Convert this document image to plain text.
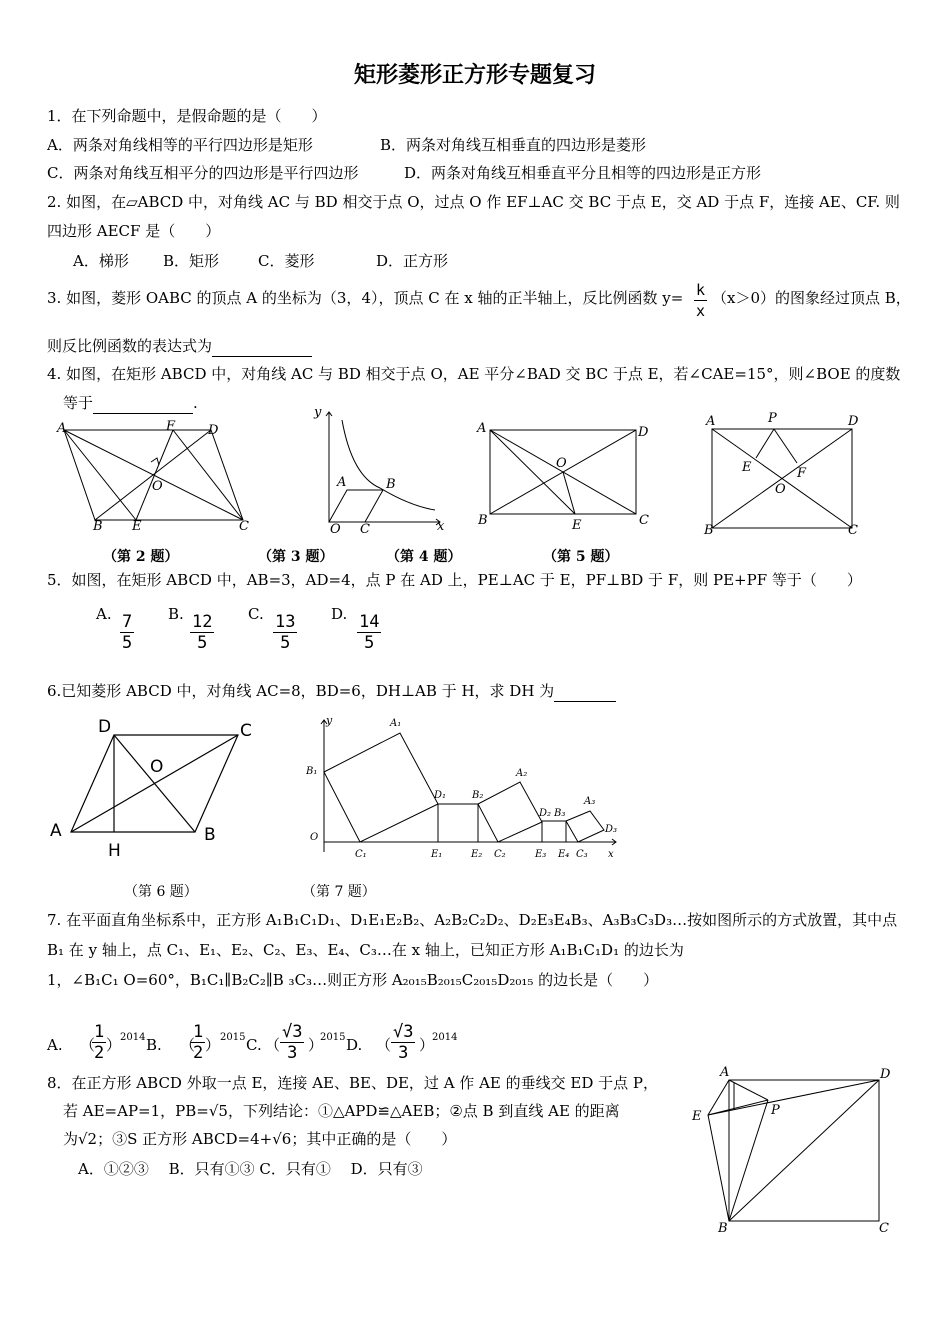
矩形菱形正方形专题复习
1．在下列命题中，是假命题的是（　　）
A．两条对角线相等的平行四边形是矩形	B．两条对角线互相垂直的四边形是菱形
C．两条对角线互相平分的四边形是平行四边形	D．两条对角线互相垂直平分且相等的四边形是正方形
2. 如图，在▱ABCD 中，对角线 AC 与 BD 相交于点 O，过点 O 作 EF⊥AC 交 BC 于点 E，交 AD 于点 F，连接 AE、CF. 则
四边形 AECF 是（　　）
A．梯形 B．矩形	C．菱形	D．正方形
3. 如图，菱形 OABC 的顶点 A 的坐标为（3，4），顶点 C 在 x 轴的正半轴上，反比例函数 $y= \frac{k}{x} (x>0)$的图象经过顶点 B，
则反比例函数的表达式为
4. 如图，在矩形 ABCD 中，对角线 AC 与 BD 相交于点 O，AE 平分∠BAD 交 BC 于点 E，若∠CAE=15°，则∠BOE 的度数
等于	.
A	F	D
O
B E	C
y
A	B
O C	x
A	D
O
B	E	C
A	P	D
E	F
O
B	C
（第 2 题）	（第 3 题）	（第 4 题）	（第 5 题）
5．如图，在矩形 ABCD 中，AB=3，AD=4，点 P 在 AD 上，PE⊥AC 于 E，PF⊥BD 于 F，则 PE+PF 等于（　　）
A. $\frac{7}{5} B$. $\frac{12}{5} C$. $\frac{13}{5} D$. $\frac{14}{5}$
6.已知菱形 ABCD 中，对角线 AC=8，BD=6，DH⊥AB 于 H，求 DH 为
D	C
O
A
H
B
y	A₁
B₁
O
C₁
D₁	B₂
A₂
E₁	E₂ C₂
D₂ B₃
A₃
D₃
E₃ E₄ C₃ x
（第 6 题）	（第 7 题）
7. 在平面直角坐标系中，正方形 A₁B₁C₁D₁、D₁E₁E₂B₂、A₂B₂C₂D₂、D₂E₃E₄B₃、A₃B₃C₃D₃…按如图所示的方式放置，其中点
B₁ 在 y 轴上，点 C₁、E₁、E₂、C₂、E₃、E₄、C₃…在 x 轴上，已知正方形 A₁B₁C₁D₁ 的边长为
1，∠B₁C₁ O=60°，B₁C₁∥B₂C₂∥B ₃C₃…则正方形 A₂₀₁₅B₂₀₁₅C₂₀₁₅D₂₀₁₅ 的边长是（　　）
A. （
$\frac{1}{2}$ ）
2014 B. （
$\frac{1}{2}$ ） 2015 C. （ $\frac{√3}{3}$ ）
2015 D. （ $\frac{√3}{3}$ ）
2014
8．在正方形 ABCD 外取一点 E，连接 AE、BE、DE，过 A 作 AE 的垂线交 ED 于点 P，
若 AE=AP=1，PB=√5，下列结论：①△APD≌△AEB；②点 B 到直线 AE 的距离
为√2；③S 正方形 ABCD=4+√6；其中正确的是（　　）
A．①②③　 B．只有①③ C．只有①　 D．只有③
A	D
E	P
B	C
